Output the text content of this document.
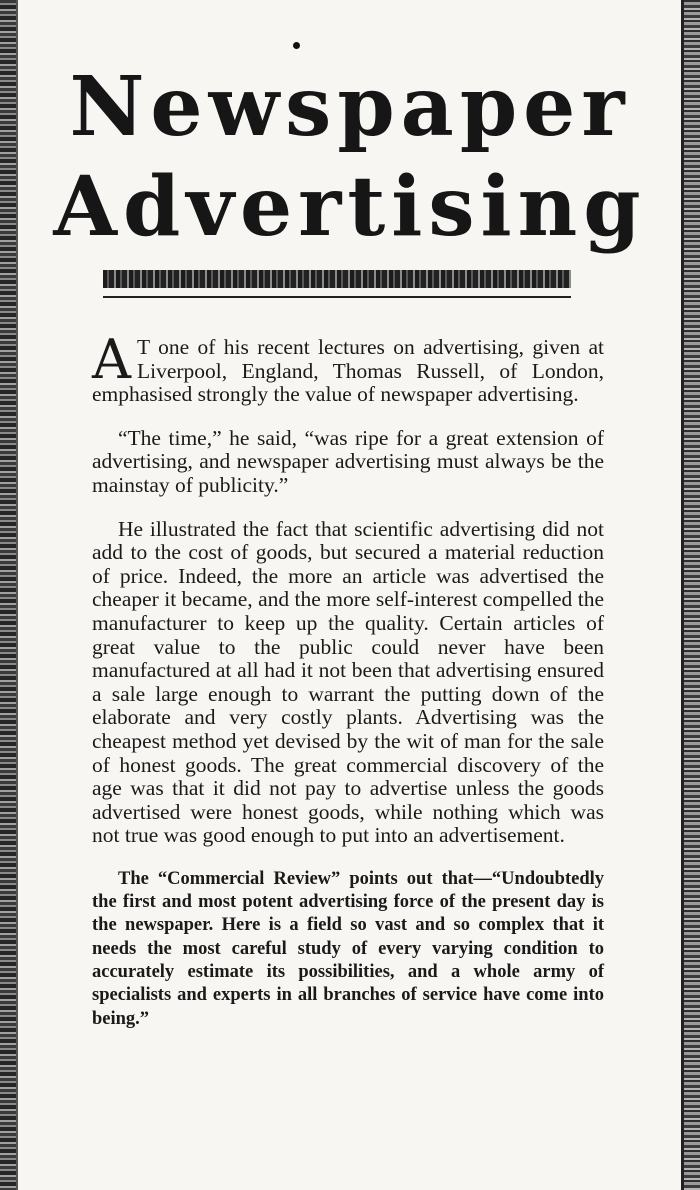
Newspaper
Advertising

A T one of his recent lectures on advertising, given at Liverpool, England, Thomas Russell, of London, emphasised strongly the value of newspaper advertising.

“The time,” he said, “was ripe for a great extension of advertising, and newspaper advertising must always be the mainstay of publicity.”

He illustrated the fact that scientific advertising did not add to the cost of goods, but secured a material reduction of price. Indeed, the more an article was advertised the cheaper it became, and the more self-interest compelled the manufacturer to keep up the quality. Certain articles of great value to the public could never have been manufactured at all had it not been that advertising ensured a sale large enough to warrant the putting down of the elaborate and very costly plants. Advertising was the cheapest method yet devised by the wit of man for the sale of honest goods. The great commercial discovery of the age was that it did not pay to advertise unless the goods advertised were honest goods, while nothing which was not true was good enough to put into an advertisement.

The “Commercial Review” points out that—“Undoubtedly the first and most potent advertising force of the present day is the newspaper. Here is a field so vast and so complex that it needs the most careful study of every varying condition to accurately estimate its possibilities, and a whole army of specialists and experts in all branches of service have come into being.”
